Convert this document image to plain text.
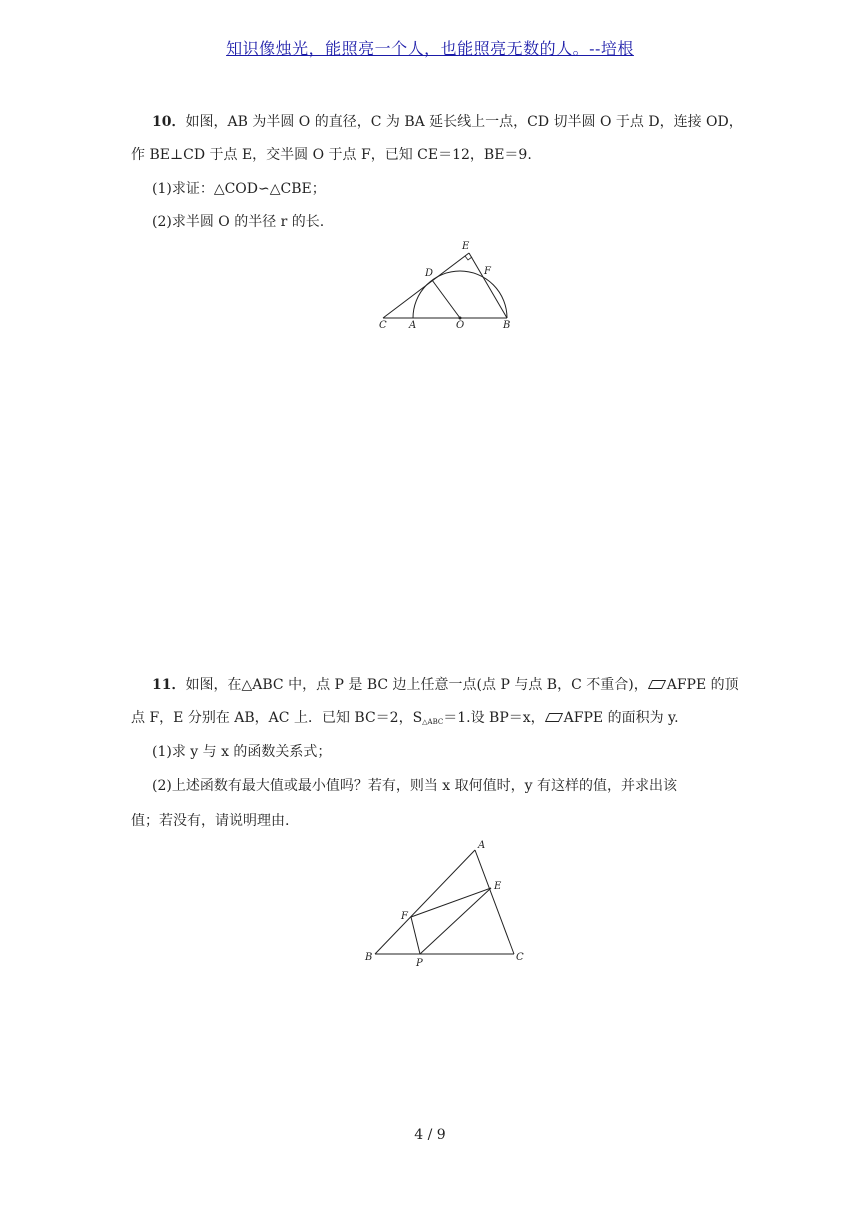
知识像烛光，能照亮一个人，也能照亮无数的人。--培根
   10．如图，AB 为半圆 O 的直径，C 为 BA 延长线上一点，CD 切半圆 O 于点 D，连接 OD，
作 BE⊥CD 于点 E，交半圆 O 于点 F，已知 CE＝12，BE＝9.
   (1)求证：△COD∽△CBE；
   (2)求半圆 O 的半径 r 的长.
E
D	F
C A	O	B
   11．如图，在△ABC 中，点 P 是 BC 边上任意一点(点 P 与点 B，C 不重合)， AFPE 的顶
点 F，E 分别在 AB，AC 上．已知 BC＝2，$S_{\triangle ABC}=1$.设 BP＝x， AFPE 的面积为 y.
   (1)求 y 与 x 的函数关系式；
   (2)上述函数有最大值或最小值吗？若有，则当 x 取何值时，y 有这样的值，并求出该
值；若没有，请说明理由.
A
E
F
B
P
C
4 / 9
